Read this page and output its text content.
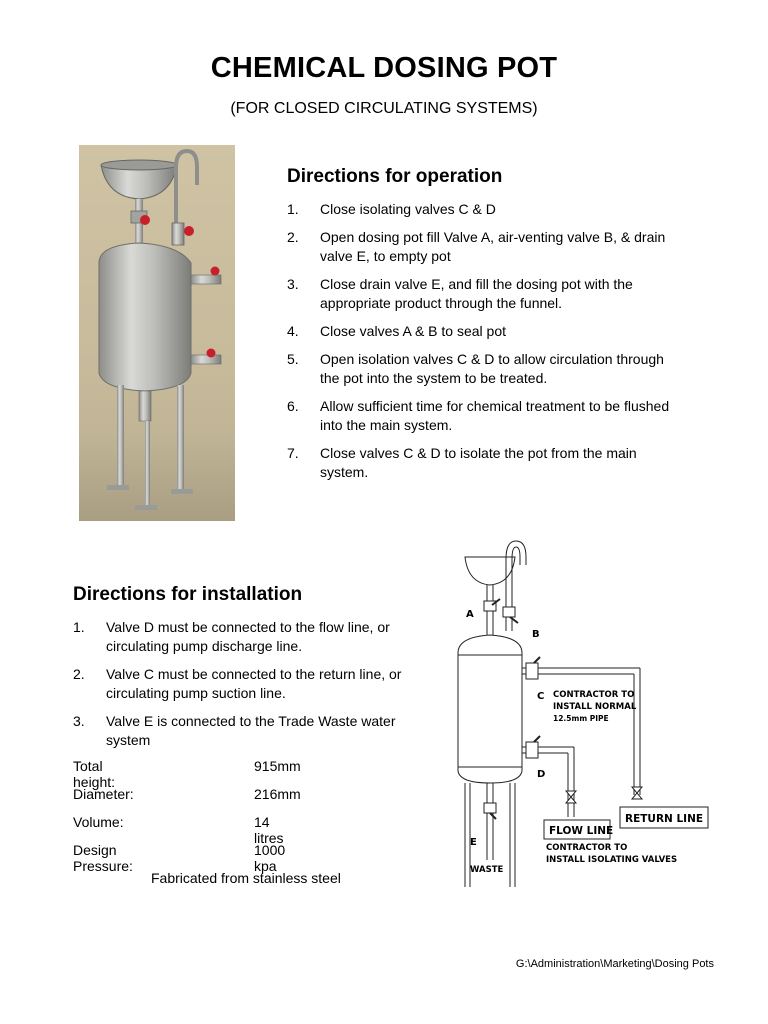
CHEMICAL DOSING POT
(FOR CLOSED CIRCULATING SYSTEMS)
Directions for operation
1. Close isolating valves C & D
2. Open dosing pot fill Valve A, air-venting valve B, & drain valve E, to empty pot
3. Close drain valve E, and fill the dosing pot with the appropriate product through the funnel.
4. Close valves A & B to seal pot
5. Open isolation valves C & D to allow circulation through the pot into the system to be treated.
6. Allow sufficient time for chemical treatment to be flushed into the main system.
7. Close valves C & D to isolate the pot from the main system.
Directions for installation
1. Valve D must be connected to the flow line, or circulating pump discharge line.
2. Valve C must be connected to the return line, or circulating pump suction line.
3. Valve E is connected to the Trade Waste water system
Total height:
915mm
Diameter:	216mm
Volume:	14 litres
Design Pressure:
1000 kpa
Fabricated from stainless steel
A
B
C
D
E
CONTRACTOR TO
INSTALL NORMAL
12.5mm PIPE
CONTRACTOR TO
INSTALL ISOLATING VALVES
WASTE
FLOW LINE
RETURN LINE
G:\Administration\Marketing\Dosing Pots
